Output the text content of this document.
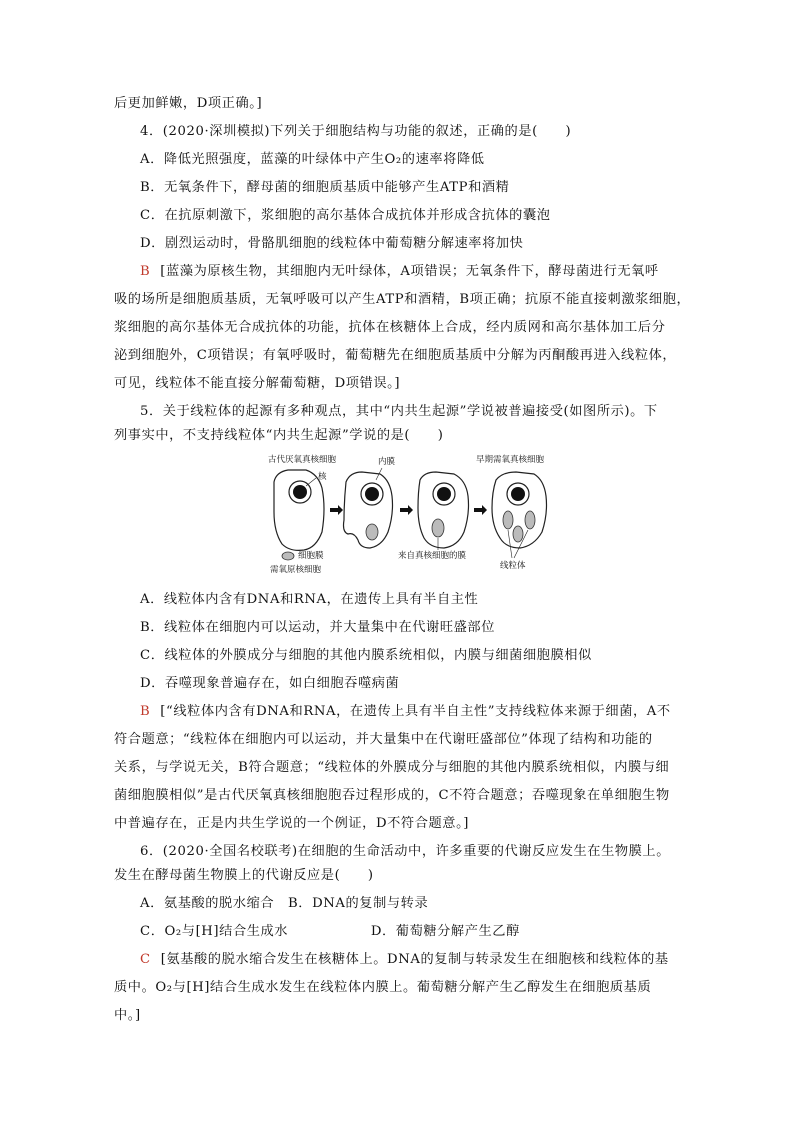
后更加鲜嫩，D项正确。]
4．(2020·深圳模拟)下列关于细胞结构与功能的叙述，正确的是(　　)
A．降低光照强度，蓝藻的叶绿体中产生O₂的速率将降低
B．无氧条件下，酵母菌的细胞质基质中能够产生ATP和酒精
C．在抗原刺激下，浆细胞的高尔基体合成抗体并形成含抗体的囊泡
D．剧烈运动时，骨骼肌细胞的线粒体中葡萄糖分解速率将加快
B [蓝藻为原核生物，其细胞内无叶绿体，A项错误；无氧条件下，酵母菌进行无氧呼
吸的场所是细胞质基质，无氧呼吸可以产生ATP和酒精，B项正确；抗原不能直接刺激浆细胞，
浆细胞的高尔基体无合成抗体的功能，抗体在核糖体上合成，经内质网和高尔基体加工后分
泌到细胞外，C项错误；有氧呼吸时，葡萄糖先在细胞质基质中分解为丙酮酸再进入线粒体，
可见，线粒体不能直接分解葡萄糖，D项错误。]
5．关于线粒体的起源有多种观点，其中“内共生起源”学说被普遍接受(如图所示)。下
列事实中，不支持线粒体“内共生起源”学说的是(　　)
古代厌氧真核细胞
核
内膜	早期需氧真核细胞
细胞膜
需氧原核细胞
来自真核细胞的膜
线粒体
A．线粒体内含有DNA和RNA，在遗传上具有半自主性
B．线粒体在细胞内可以运动，并大量集中在代谢旺盛部位
C．线粒体的外膜成分与细胞的其他内膜系统相似，内膜与细菌细胞膜相似
D．吞噬现象普遍存在，如白细胞吞噬病菌
B [“线粒体内含有DNA和RNA，在遗传上具有半自主性”支持线粒体来源于细菌，A不
符合题意；“线粒体在细胞内可以运动，并大量集中在代谢旺盛部位”体现了结构和功能的
关系，与学说无关，B符合题意；“线粒体的外膜成分与细胞的其他内膜系统相似，内膜与细
菌细胞膜相似”是古代厌氧真核细胞胞吞过程形成的，C不符合题意；吞噬现象在单细胞生物
中普遍存在，正是内共生学说的一个例证，D不符合题意。]
6．(2020·全国名校联考)在细胞的生命活动中，许多重要的代谢反应发生在生物膜上。
发生在酵母菌生物膜上的代谢反应是(　　)
A．氨基酸的脱水缩合　B．DNA的复制与转录
C．O₂与[H]结合生成水　　　　　　D．葡萄糖分解产生乙醇
C [氨基酸的脱水缩合发生在核糖体上。DNA的复制与转录发生在细胞核和线粒体的基
质中。O₂与[H]结合生成水发生在线粒体内膜上。葡萄糖分解产生乙醇发生在细胞质基质
中。]
